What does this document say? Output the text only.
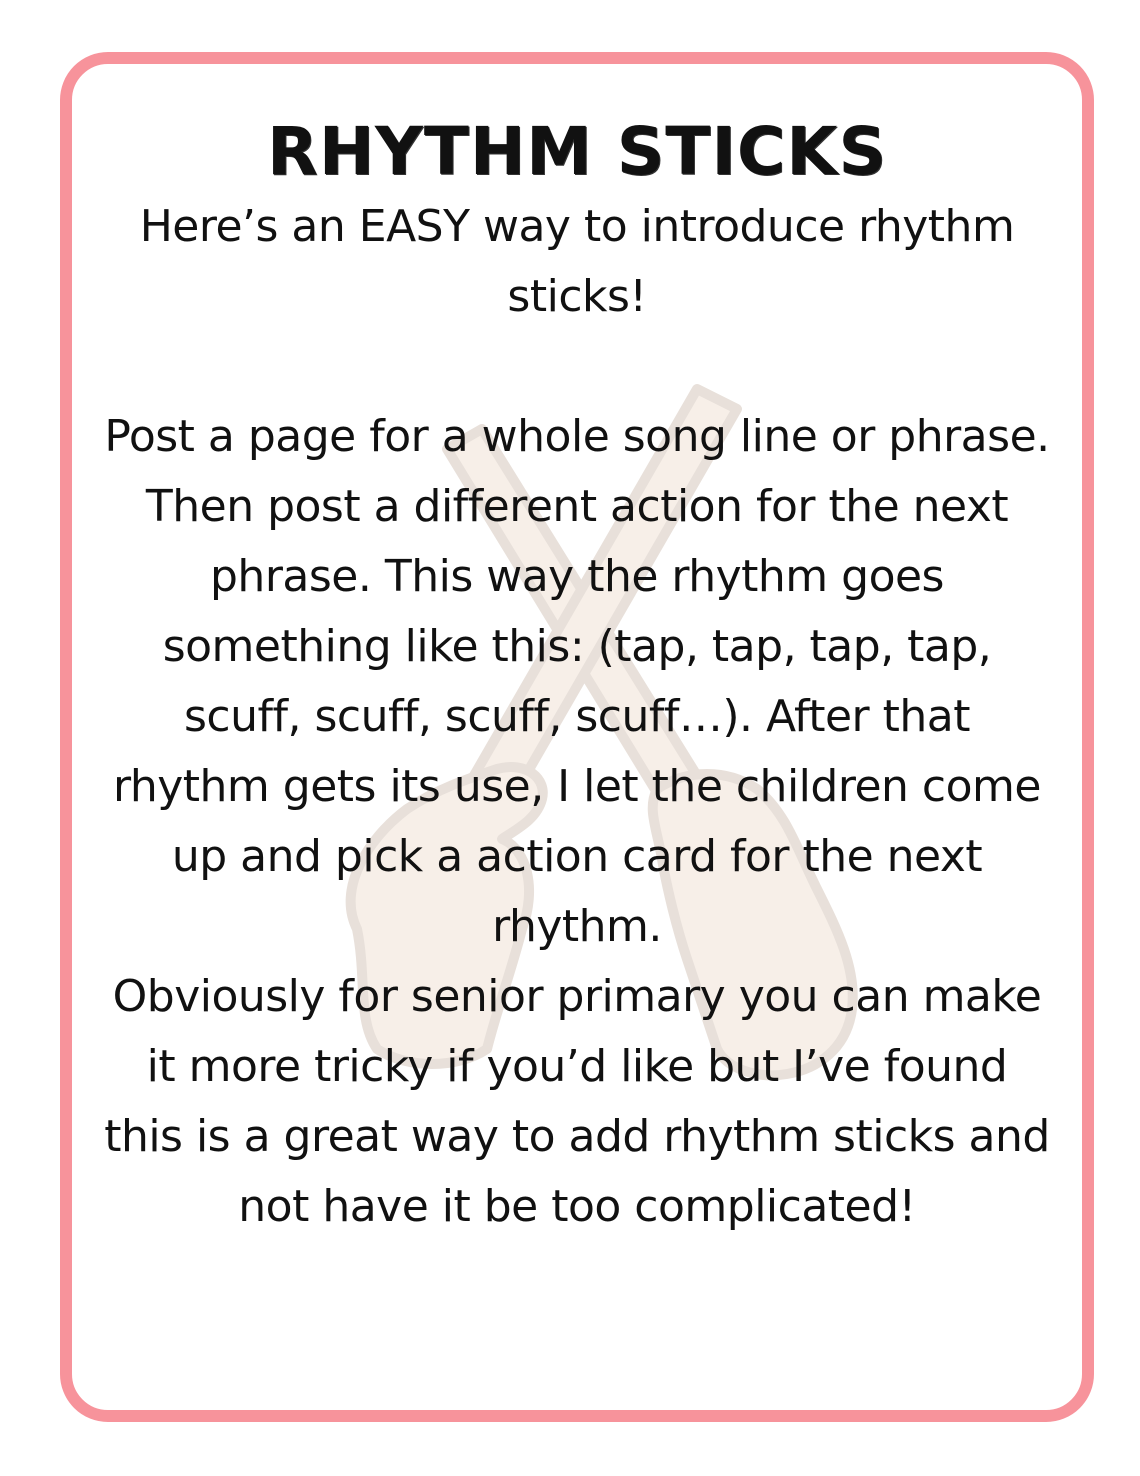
RHYTHM STICKS

Here’s an EASY way to introduce rhythm sticks!

Post a page for a whole song line or phrase. Then post a different action for the next phrase. This way the rhythm goes something like this: (tap, tap, tap, tap, scuff, scuff, scuff, scuff…). After that rhythm gets its use, I let the children come up and pick a action card for the next rhythm.

Obviously for senior primary you can make it more tricky if you’d like but I’ve found this is a great way to add rhythm sticks and not have it be too complicated!
